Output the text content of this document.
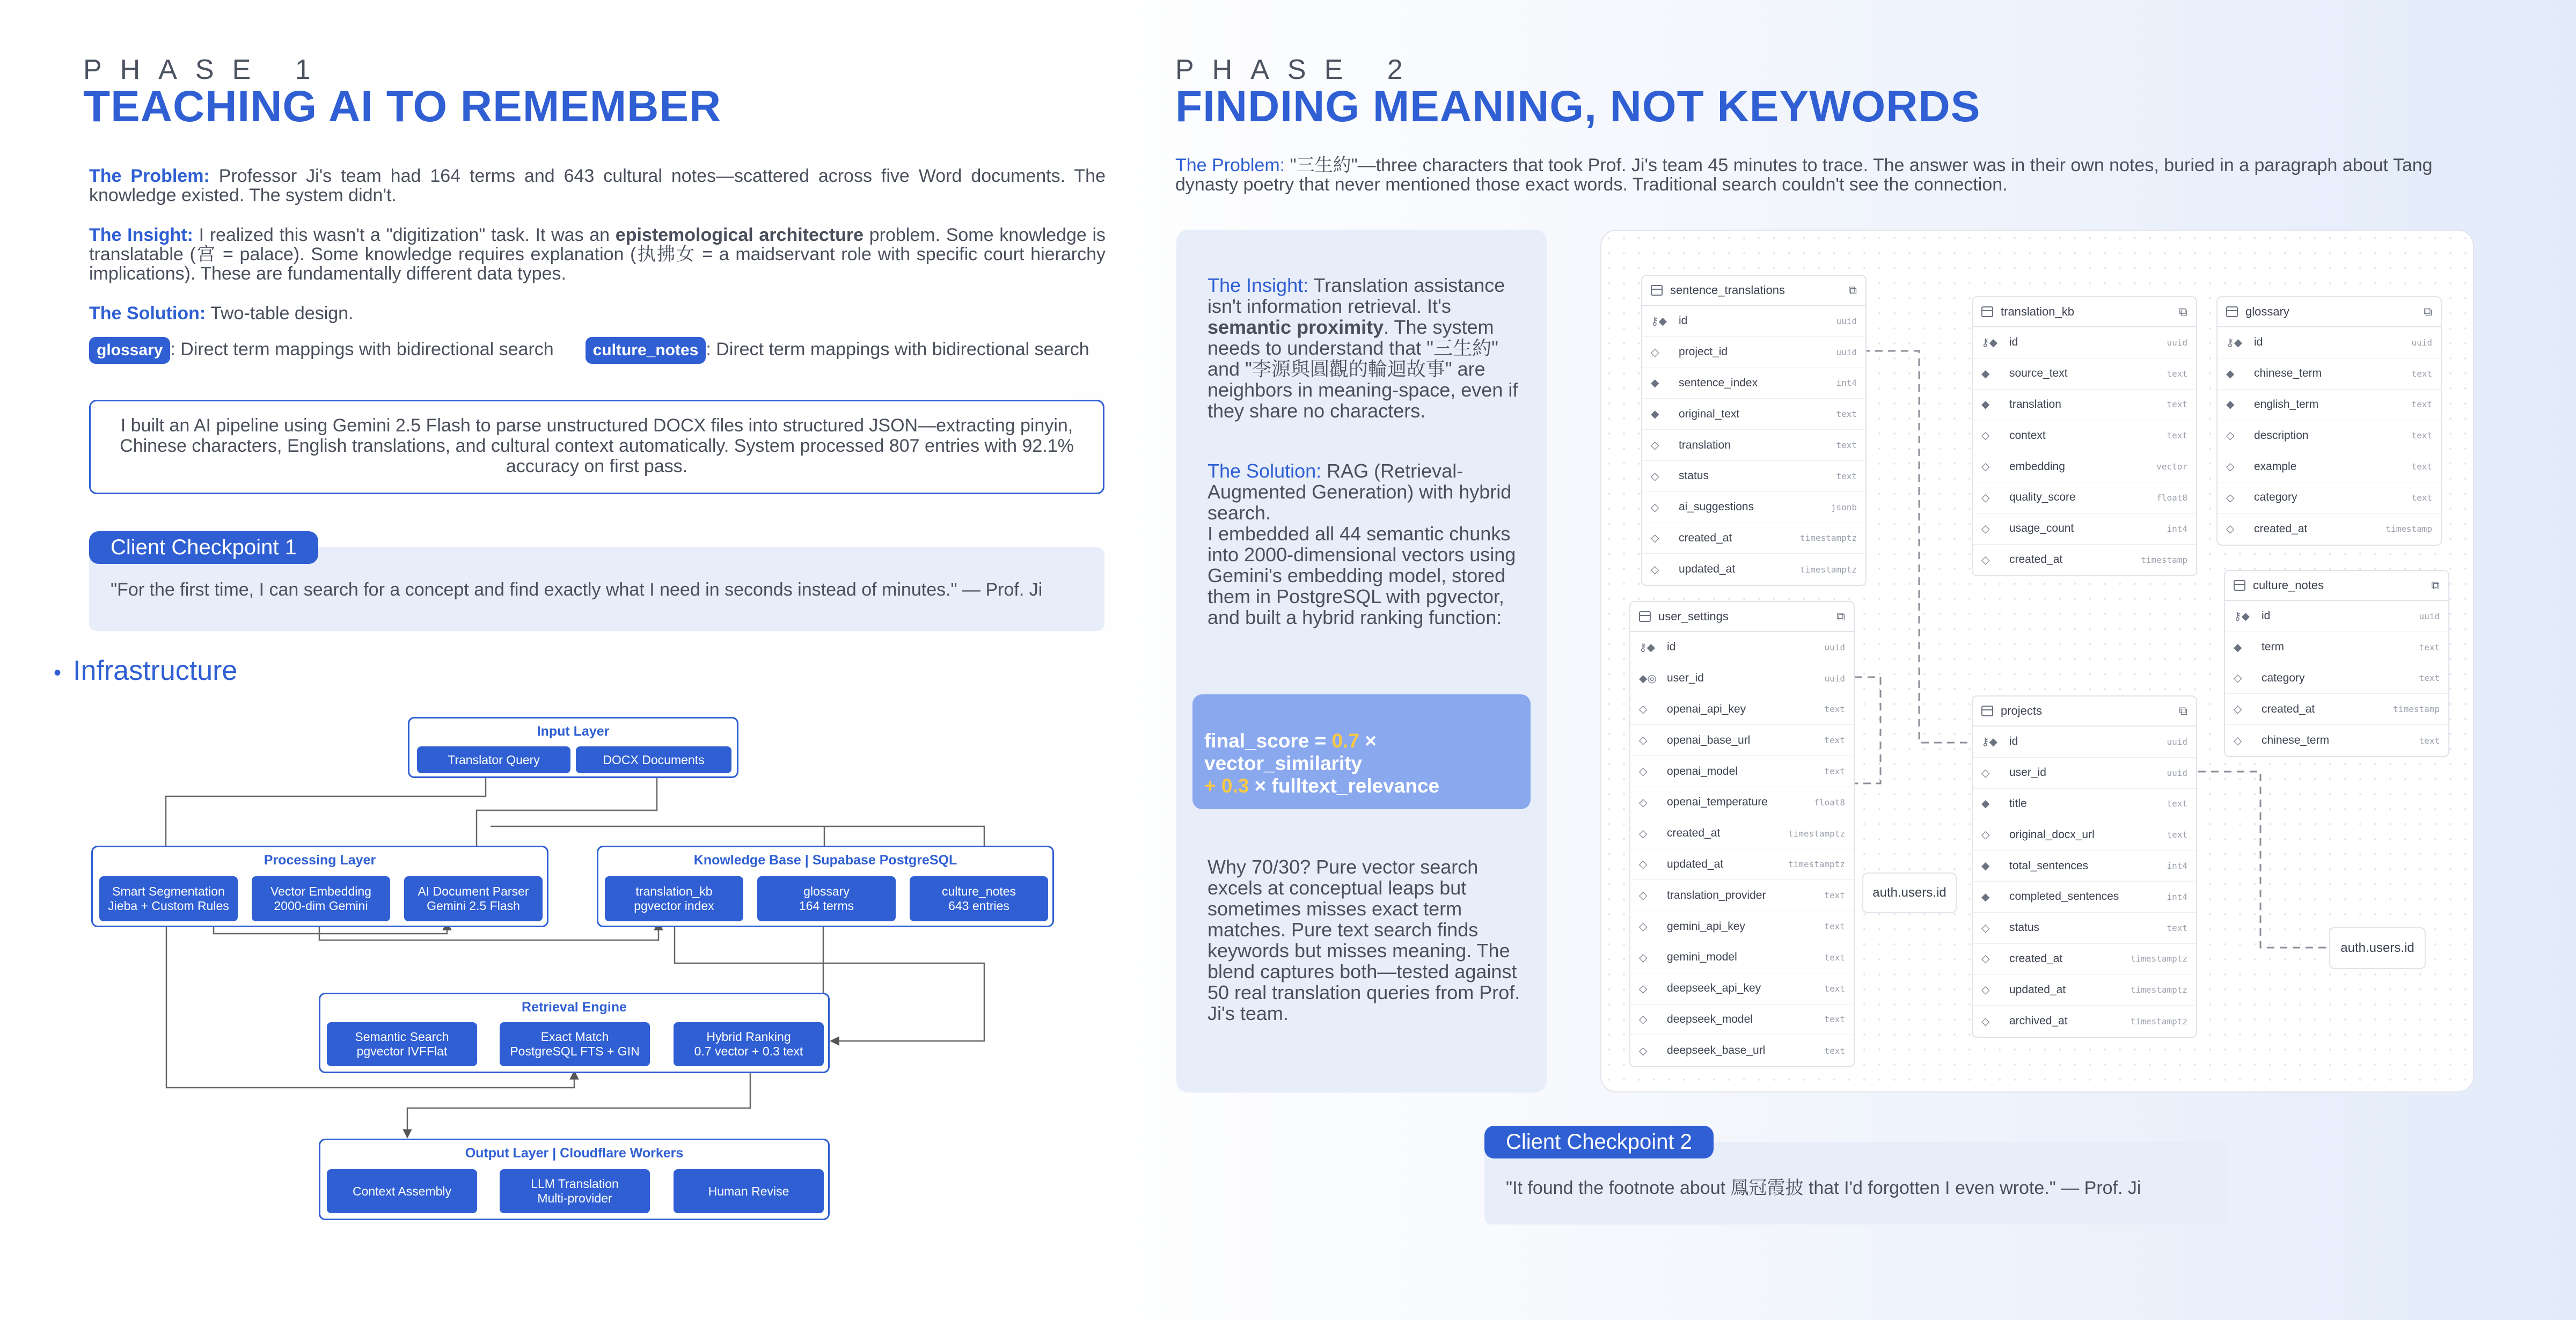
PHASE 1
TEACHING AI TO REMEMBER
The Problem: Professor Ji's team had 164 terms and 643 cultural notes—scattered across five Word documents. The knowledge existed. The system didn't.
The Insight: I realized this wasn't a "digitization" task. It was an epistemological architecture problem. Some knowledge is translatable (宫 = palace). Some knowledge requires explanation (执拂女 = a maidservant role with specific court hierarchy implications). These are fundamentally different data types.
The Solution: Two-table design.
glossary : Direct term mappings with bidirectional search culture_notes : Direct term mappings with bidirectional search
I built an AI pipeline using Gemini 2.5 Flash to parse unstructured DOCX files into structured JSON—extracting pinyin, Chinese characters, English translations, and cultural context automatically. System processed 807 entries with 92.1% accuracy on first pass.
"For the first time, I can search for a concept and find exactly what I need in seconds instead of minutes." — Prof. Ji
Client Checkpoint 1
• Infrastructure
Input Layer
Translator Query	DOCX Documents
Processing Layer
Smart Segmentation
Jieba + Custom Rules
Vector Embedding
2000-dim Gemini
AI Document Parser
Gemini 2.5 Flash
Knowledge Base | Supabase PostgreSQL
translation_kb
pgvector index
glossary
164 terms
culture_notes
643 entries
Retrieval Engine
Semantic Search
pgvector IVFFlat
Exact Match
PostgreSQL FTS + GIN
Hybrid Ranking
0.7 vector + 0.3 text
Output Layer | Cloudflare Workers
Context Assembly
LLM Translation
Multi-provider
Human Revise
PHASE 2
FINDING MEANING, NOT KEYWORDS
The Problem: "三生約"—three characters that took Prof. Ji's team 45 minutes to trace. The answer was in their own notes, buried in a paragraph about Tang dynasty poetry that never mentioned those exact words. Traditional search couldn't see the connection.
The Insight: Translation assistance isn't information retrieval. It's semantic proximity. The system needs to understand that "三生約" and "李源與圓觀的輪迴故事" are neighbors in meaning-space, even if they share no characters.
The Solution: RAG (Retrieval-Augmented Generation) with hybrid search.
I embedded all 44 semantic chunks into 2000-dimensional vectors using Gemini's embedding model, stored them in PostgreSQL with pgvector, and built a hybrid ranking function:
final_score = 0.7 × vector_similarity
+ 0.3 × fulltext_relevance
Why 70/30? Pure vector search excels at conceptual leaps but sometimes misses exact term matches. Pure text search finds keywords but misses meaning. The blend captures both—tested against 50 real translation queries from Prof. Ji's team.
sentence_translations	⧉
⚷◆	id	uuid
◇	project_id	uuid
◆	sentence_index	int4
◆	original_text	text
◇	translation	text
◇	status	text
◇	ai_suggestions	jsonb
◇	created_at	timestamptz
◇	updated_at	timestamptz
translation_kb	⧉
⚷◆	id	uuid
◆	source_text	text
◆	translation	text
◇	context	text
◇	embedding	vector
◇	quality_score	float8
◇	usage_count	int4
◇	created_at	timestamp
glossary	⧉
⚷◆	id	uuid
◆	chinese_term	text
◆	english_term	text
◇	description	text
◇	example	text
◇	category	text
◇	created_at	timestamp
culture_notes	⧉
⚷◆	id	uuid
◆	term	text
◇	category	text
◇	created_at	timestamp
◇	chinese_term	text
user_settings	⧉
⚷◆	id	uuid
◆◎ user_id	uuid
◇	openai_api_key	text
◇	openai_base_url	text
◇	openai_model	text
◇	openai_temperature	float8
◇	created_at	timestamptz
◇	updated_at	timestamptz
◇	translation_provider	text
◇	gemini_api_key	text
◇	gemini_model	text
◇	deepseek_api_key	text
◇	deepseek_model	text
◇	deepseek_base_url	text
projects	⧉
⚷◆	id	uuid
◇	user_id	uuid
◆	title	text
◇	original_docx_url	text
◆	total_sentences	int4
◆	completed_sentences	int4
◇	status	text
◇	created_at	timestamptz
◇	updated_at	timestamptz
◇	archived_at	timestamptz
auth.users.id
auth.users.id
"It found the footnote about 鳳冠霞披 that I'd forgotten I even wrote." — Prof. Ji
Client Checkpoint 2
